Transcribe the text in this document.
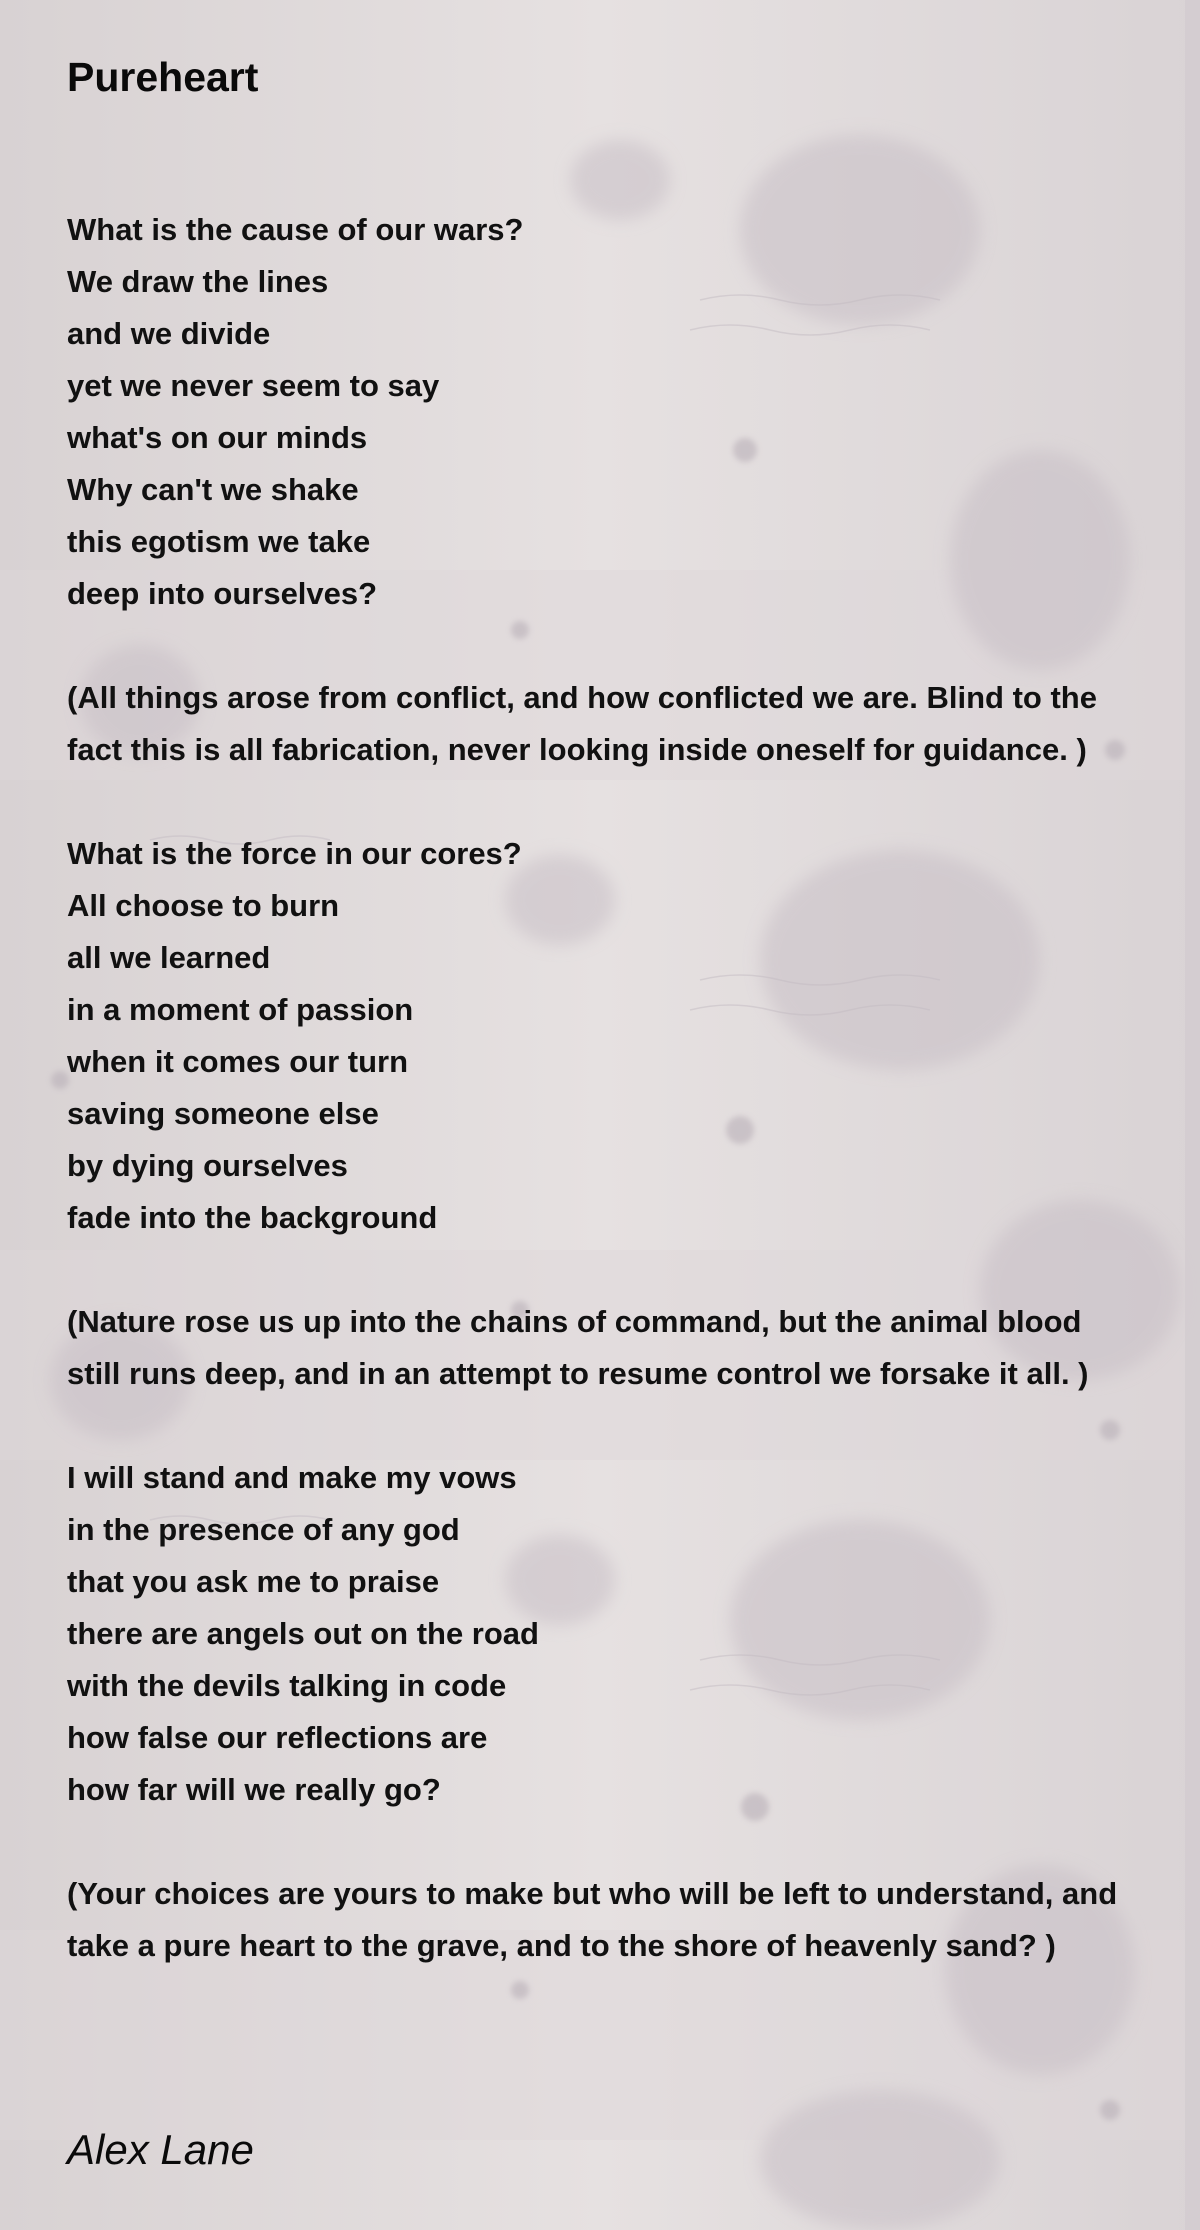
Pureheart
What is the cause of our wars?
We draw the lines
and we divide
yet we never seem to say
what's on our minds
Why can't we shake
this egotism we take
deep into ourselves?

(All things arose from conflict, and how conflicted we are. Blind to the fact this is all fabrication, never looking inside oneself for guidance. )

What is the force in our cores?
All choose to burn
all we learned
in a moment of passion
when it comes our turn
saving someone else
by dying ourselves
fade into the background

(Nature rose us up into the chains of command, but the animal blood still runs deep, and in an attempt to resume control we forsake it all. )

I will stand and make my vows
in the presence of any god
that you ask me to praise
there are angels out on the road
with the devils talking in code
how false our reflections are
how far will we really go?

(Your choices are yours to make but who will be left to understand, and take a pure heart to the grave, and to the shore of heavenly sand? )

Alex Lane
